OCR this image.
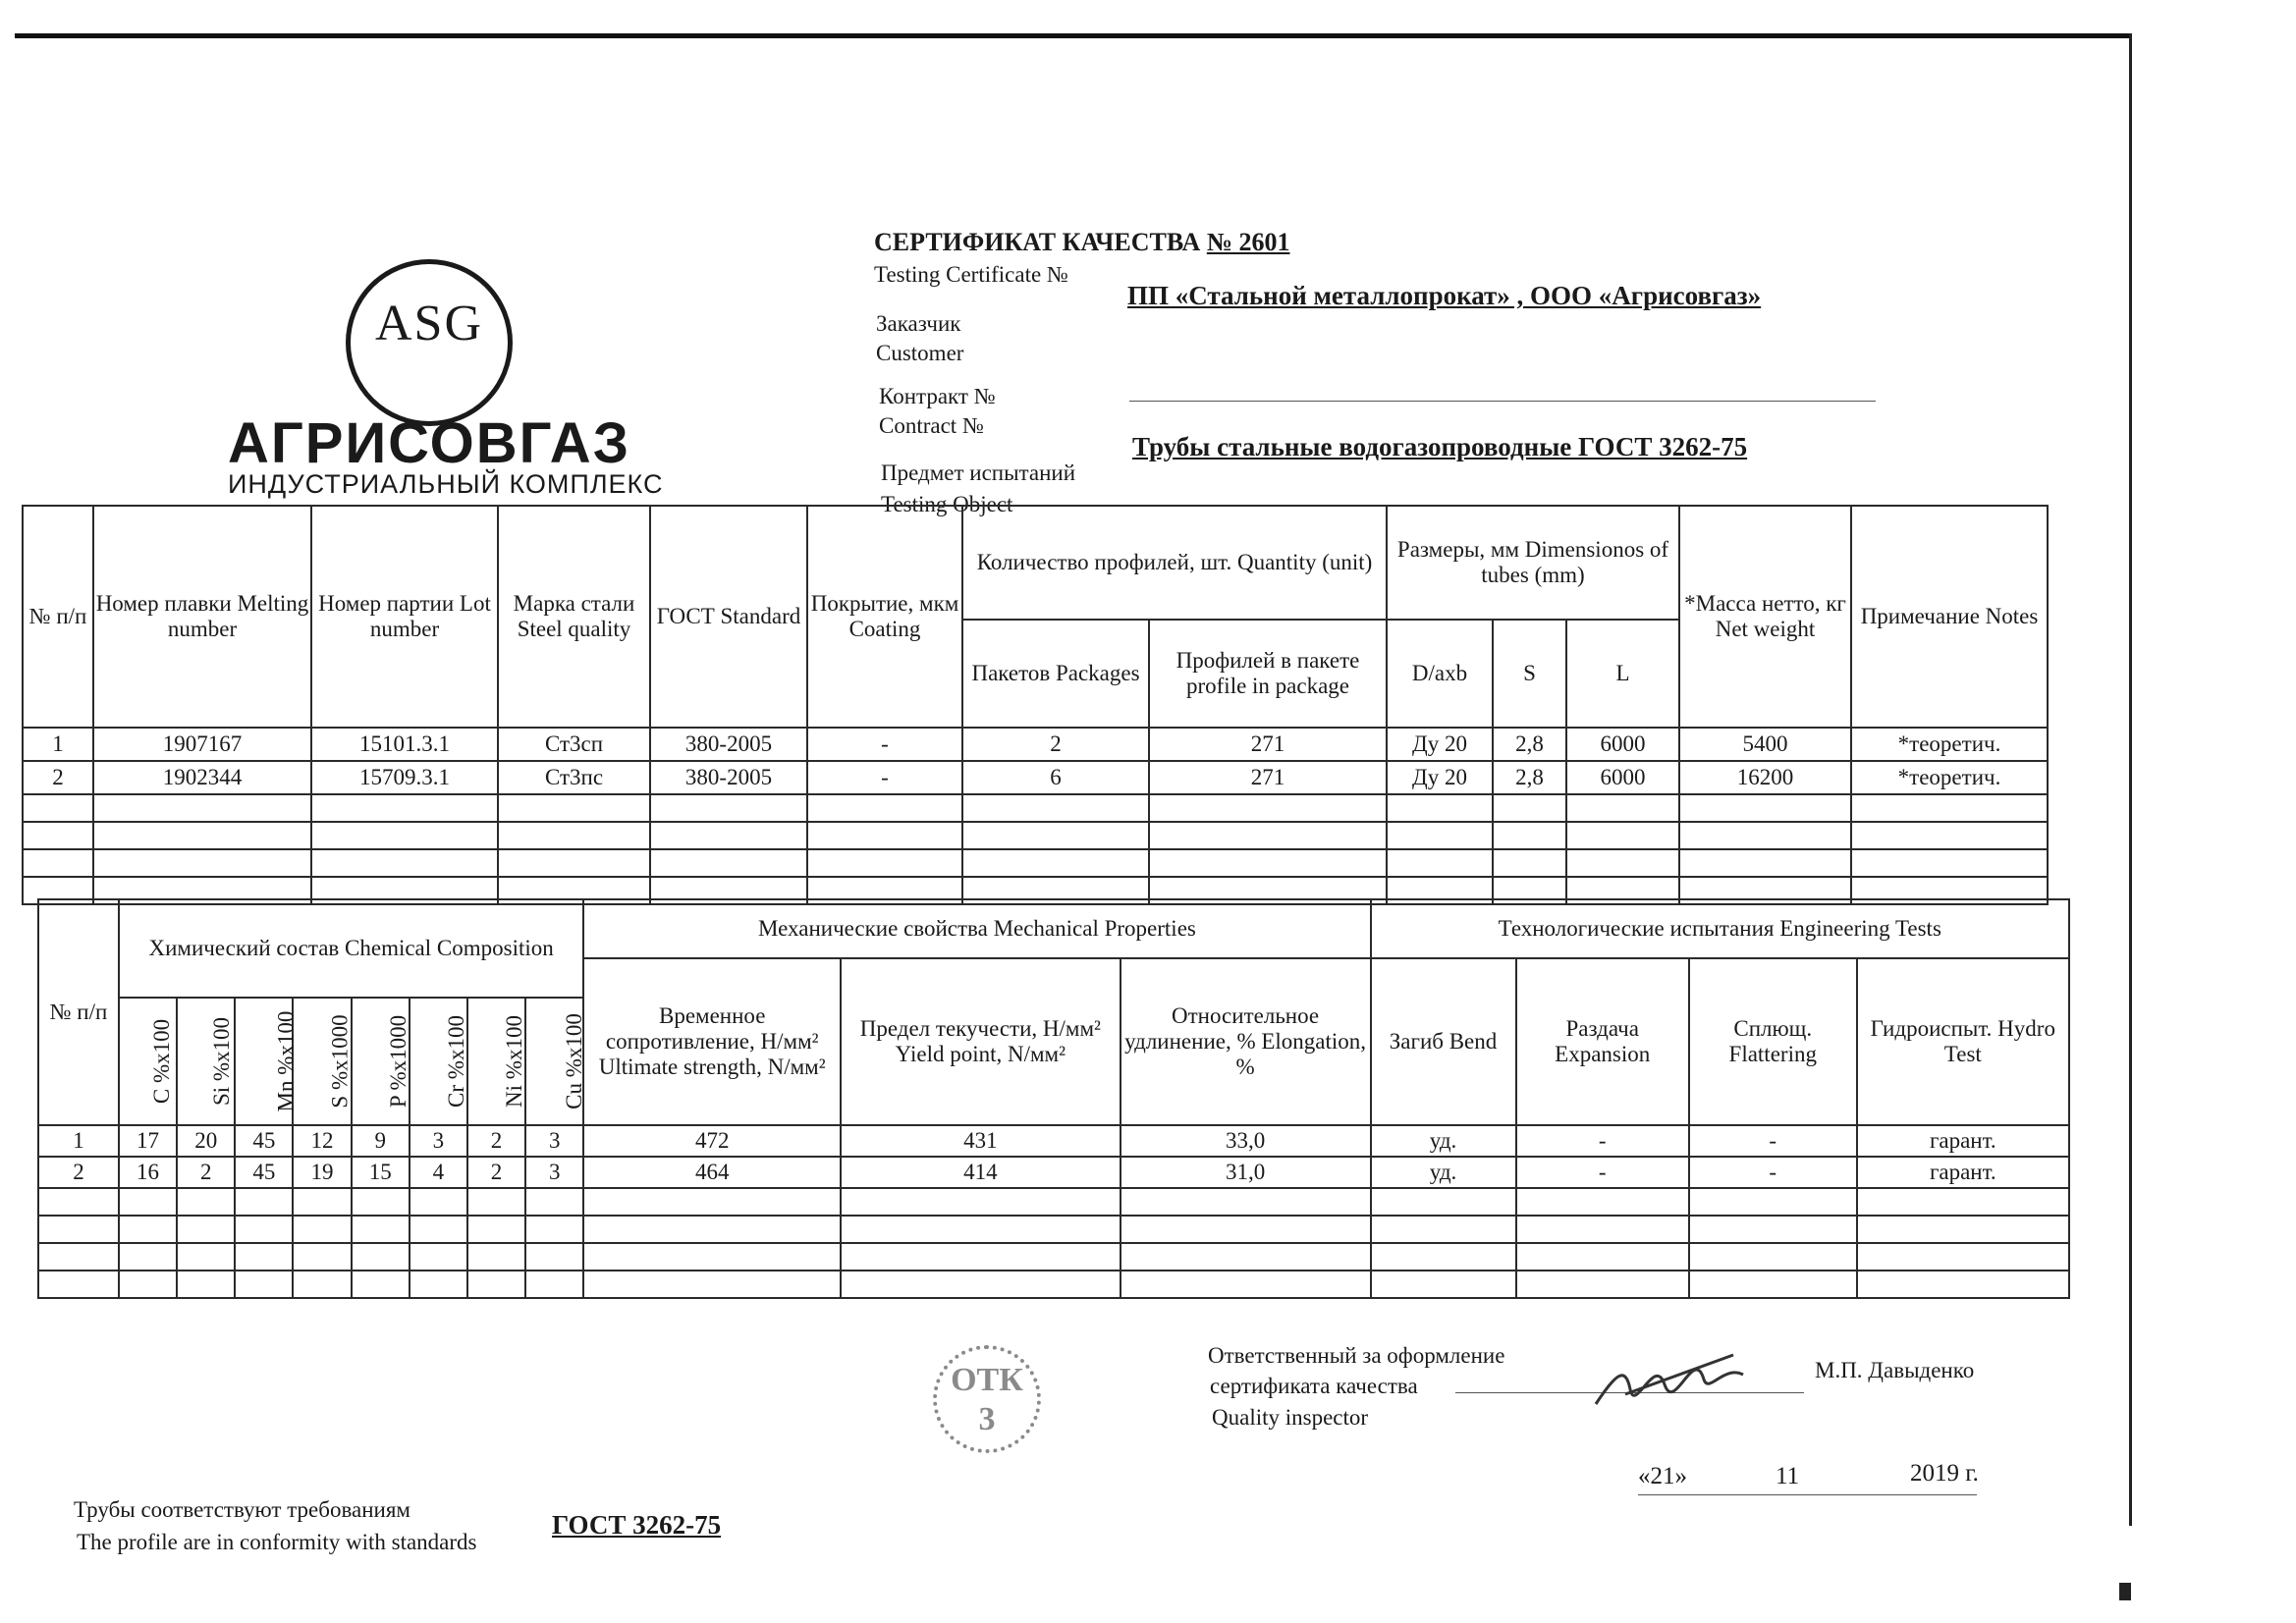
ASG
АГРИСОВГАЗ
ИНДУСТРИАЛЬНЫЙ КОМПЛЕКС
СЕРТИФИКАТ КАЧЕСТВА № 2601
Testing Certificate №
Заказчик
Customer
ПП «Стальной металлопрокат» , ООО «Агрисовгаз»
Контракт №
Contract №
Предмет испытаний
Testing Object
Трубы стальные водогазопроводные ГОСТ 3262-75
№ п/п	Номер плавки Melting number	Номер партии Lot number	Марка стали Steel quality	ГОСТ Standard	Покрытие, мкм Coating	Количество профилей, шт. Quantity (unit)		Размеры, мм Dimensionos of tubes (mm)			*Масса нетто, кг Net weight	Примечание Notes
						Пакетов Packages	Профилей в пакете profile in package	D/axb	S	L		
1	1907167	15101.3.1	Ст3сп	380-2005	-	2	271	Ду 20	2,8	6000	5400	*теоретич.
2	1902344	15709.3.1	Ст3пс	380-2005	-	6	271	Ду 20	2,8	6000	16200	*теоретич.

№ п/п	Химический состав Chemical Composition								Механические свойства Mechanical Properties			Технологические испытания Engineering Tests			
									Временное сопротивление, Н/мм² Ultimate strength, N/мм²	Предел текучести, Н/мм² Yield point, N/мм²	Относительное удлинение, % Elongation, %	Загиб Bend	Раздача Expansion	Сплющ. Flattering	Гидроиспыт. Hydro Test
	C %x100	Si %x100	Mn %x100	S %x1000	P %x1000	Cr %x100	Ni %x100	Cu %x100							
1	17	20	45	12	9	3	2	3	472	431	33,0	уд.	-	-	гарант.
2	16	2	45	19	15	4	2	3	464	414	31,0	уд.	-	-	гарант.

Ответственный за оформление
сертификата качества
Quality inspector
М.П. Давыденко
ОТК
3
«21»	11	2019 г.
Трубы соответствуют требованиям
The profile are in conformity with standards
ГОСТ 3262-75
